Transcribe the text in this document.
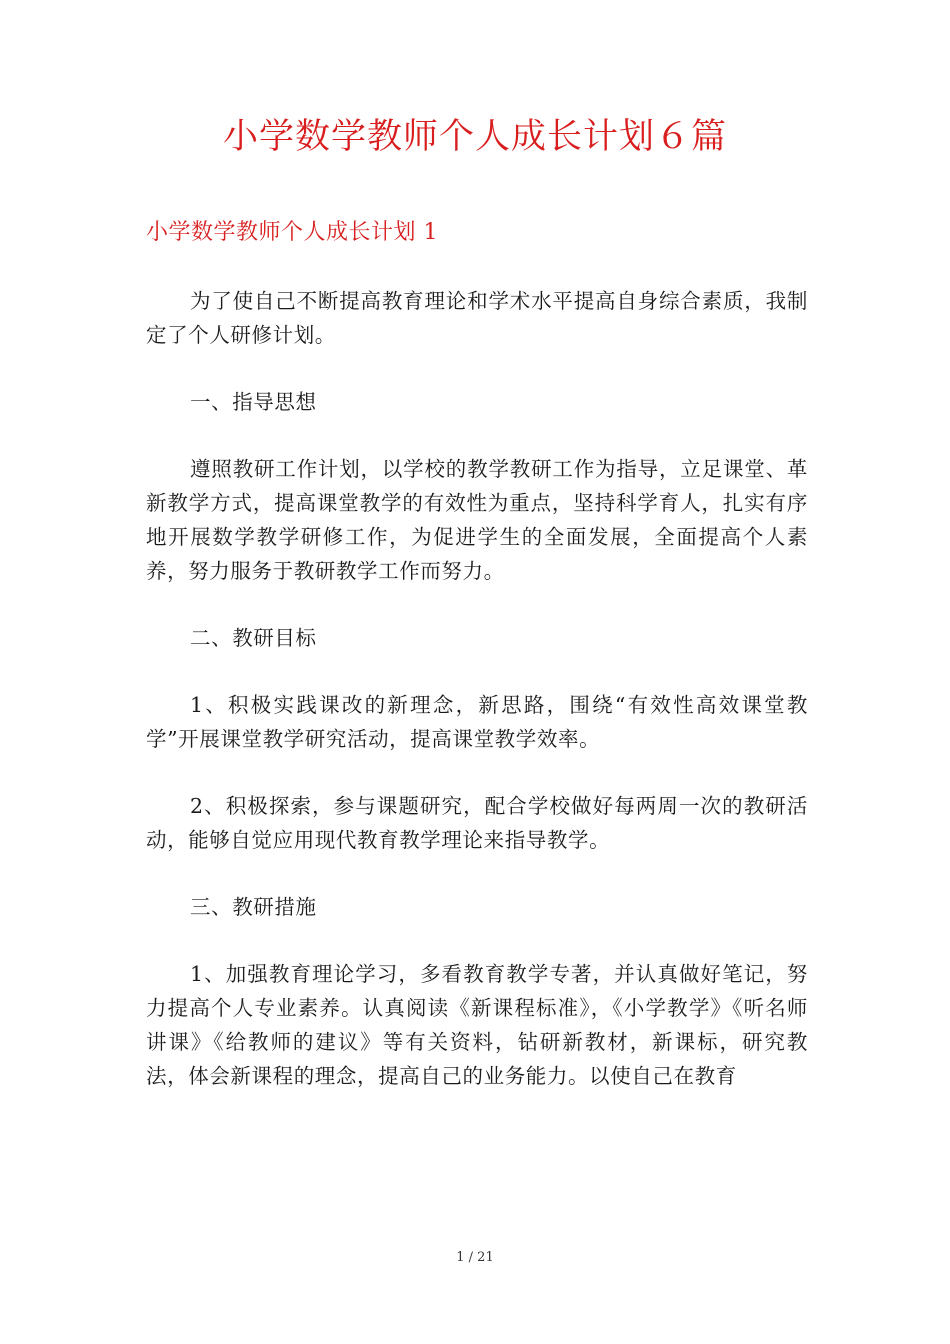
小学数学教师个人成长计划６篇
小学数学教师个人成长计划 1

为了使自己不断提高教育理论和学术水平提高自身综合素质，我制定了个人研修计划。

一、指导思想

遵照教研工作计划，以学校的教学教研工作为指导，立足课堂、革新教学方式，提高课堂教学的有效性为重点，坚持科学育人，扎实有序地开展数学教学研修工作，为促进学生的全面发展，全面提高个人素养，努力服务于教研教学工作而努力。

二、教研目标

1、积极实践课改的新理念，新思路，围绕“有效性高效课堂教学”开展课堂教学研究活动，提高课堂教学效率。

2、积极探索，参与课题研究，配合学校做好每两周一次的教研活动，能够自觉应用现代教育教学理论来指导教学。

三、教研措施

1、加强教育理论学习，多看教育教学专著，并认真做好笔记，努力提高个人专业素养。认真阅读《新课程标准》，《小学教学》《听名师讲课》《给教师的建议》等有关资料，钻研新教材，新课标，研究教法，体会新课程的理念，提高自己的业务能力。以使自己在教育

1 / 21
